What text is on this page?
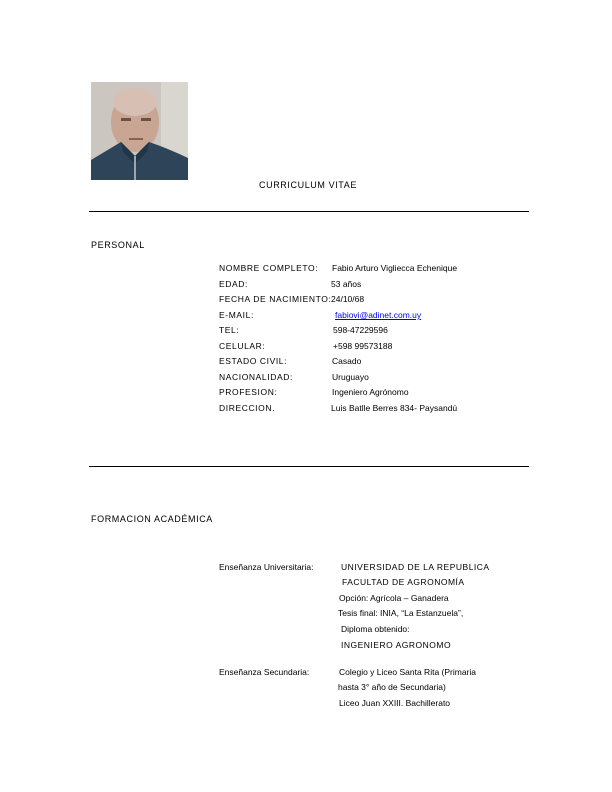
CURRICULUM VITAE
PERSONAL
NOMBRE COMPLETO: Fabio Arturo Vigliecca Echenique
EDAD:	53 años
FECHA DE NACIMIENTO: 24/10/68
E-MAIL:	fabiovi@adinet.com.uy
TEL:	598-47229596
CELULAR:	+598 99573188
ESTADO CIVIL:	Casado
NACIONALIDAD:	Uruguayo
PROFESION:	Ingeniero Agrónomo
DIRECCION.	Luis Batlle Berres 834- Paysandú
FORMACION ACADÉMICA
Enseñanza Universitaria:	UNIVERSIDAD DE LA REPUBLICA
FACULTAD DE AGRONOMÍA
Opción: Agrícola – Ganadera
Tesis final: INIA, “La Estanzuela”,
Diploma obtenido:
INGENIERO AGRONOMO
Enseñanza Secundaria:	Colegio y Liceo Santa Rita (Primaria
hasta 3° año de Secundaria)
Liceo Juan XXIII. Bachillerato
